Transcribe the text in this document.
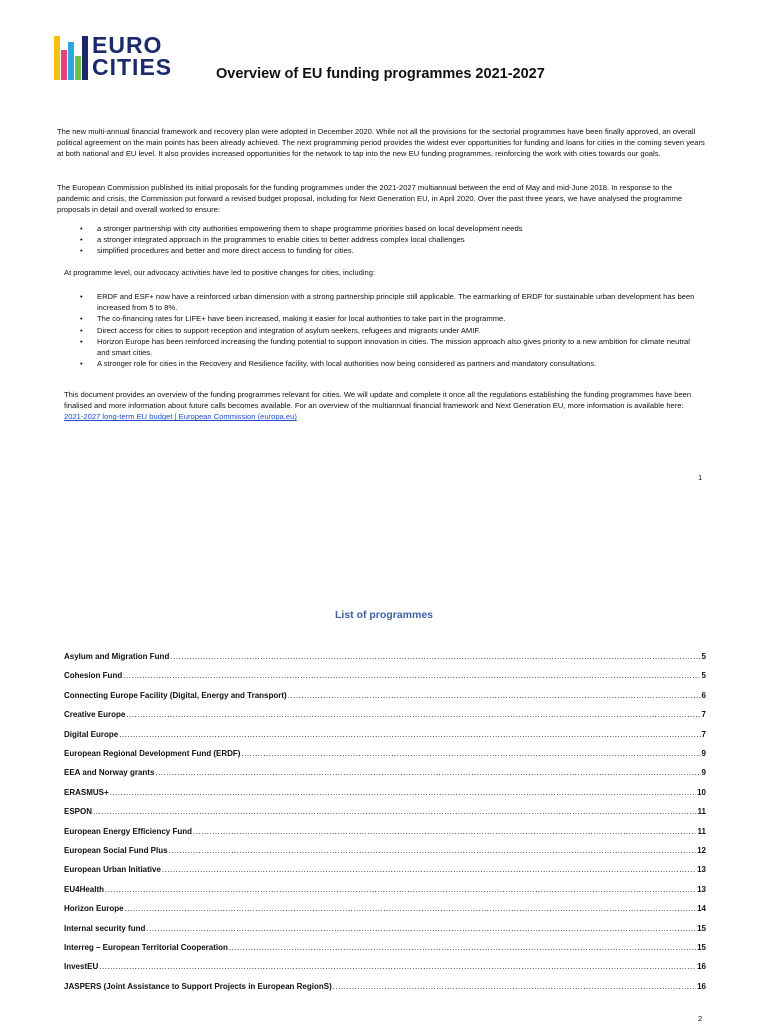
EURO
CITIES	Overview of EU funding programmes 2021-2027

The new multi-annual financial framework and recovery plan were adopted in December 2020. While not all the provisions for the sectorial programmes have been finally approved, an overall political agreement on the main points has been already achieved. The next programming period provides the widest ever opportunities for funding and loans for cities in the coming seven years at both national and EU level. It also provides increased opportunities for the network to tap into the new EU funding programmes, reinforcing the work with cities towards our goals.

The European Commission published its initial proposals for the funding programmes under the 2021-2027 multiannual between the end of May and mid-June 2018. In response to the pandemic and crisis, the Commission put forward a revised budget proposal, including for Next Generation EU, in April 2020. Over the past three years, we have analysed the programme proposals in detail and overall worked to ensure:

• a stronger partnership with city authorities empowering them to shape programme priorities based on local development needs
• a stronger integrated approach in the programmes to enable cities to better address complex local challenges
• simplified procedures and better and more direct access to funding for cities.

At programme level, our advocacy activities have led to positive changes for cities, including:

• ERDF and ESF+ now have a reinforced urban dimension with a strong partnership principle still applicable. The earmarking of ERDF for sustainable urban development has been increased from 5 to 8%.
• The co-financing rates for LIFE+ have been increased, making it easier for local authorities to take part in the programme.
• Direct access for cities to support reception and integration of asylum seekers, refugees and migrants under AMIF.
• Horizon Europe has been reinforced increasing the funding potential to support innovation in cities. The mission approach also gives priority to a new ambition for climate neutral and smart cities.
• A stronger role for cities in the Recovery and Resilience facility, with local authorities now being considered as partners and mandatory consultations.

This document provides an overview of the funding programmes relevant for cities. We will update and complete it once all the regulations establishing the funding programmes have been finalised and more information about future calls becomes available. For an overview of the multiannual financial framework and Next Generation EU, more information is available here: 2021-2027 long-term EU budget | European Commission (europa.eu)

1
List of programmes
Asylum and Migration Fund .....	5
Cohesion Fund .....	5
Connecting Europe Facility (Digital, Energy and Transport) .....	6
Creative Europe .....	7
Digital Europe .....	7
European Regional Development Fund (ERDF) .....	9
EEA and Norway grants .....	9
ERASMUS+ .....	10
ESPON .....	11
European Energy Efficiency Fund .....	11
European Social Fund Plus .....	12
European Urban Initiative .....	13
EU4Health .....	13
Horizon Europe .....	14
Internal security fund .....	15
Interreg – European Territorial Cooperation .....	15
InvestEU .....	16
JASPERS (Joint Assistance to Support Projects in European RegionS) .....	16
2
